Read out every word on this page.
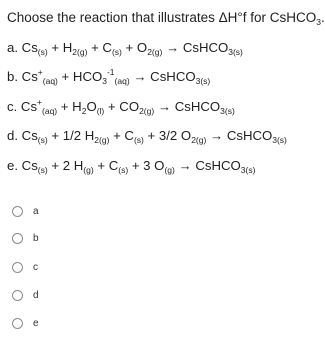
Choose the reaction that illustrates ΔH°f for CsHCO$_3$.
a. $Cs_{(s)} + H_{2(g)} + C_{(s)} + O_{2(g)}$ → CsHCO$_{3(s)}$
b. $Cs^+_{(aq)} + HCO_3^{-1}_{(aq)}$ → CsHCO$_{3(s)}$
c. $Cs^+_{(aq)} + H_2O_{(l)} + CO_{2(g)}$ → CsHCO$_{3(s)}$
d. $Cs_{(s)} + 1/2$ $H_{2(g)} + C_{(s)} + 3/2$ $O_{2(g)}$ → CsHCO$_{3(s)}$
e. $Cs_{(s)} + 2$ $H_{(g)} + C_{(s)} + 3$ $O_{(g)}$ → CsHCO$_{3(s)}$
a
b
c
d
e
